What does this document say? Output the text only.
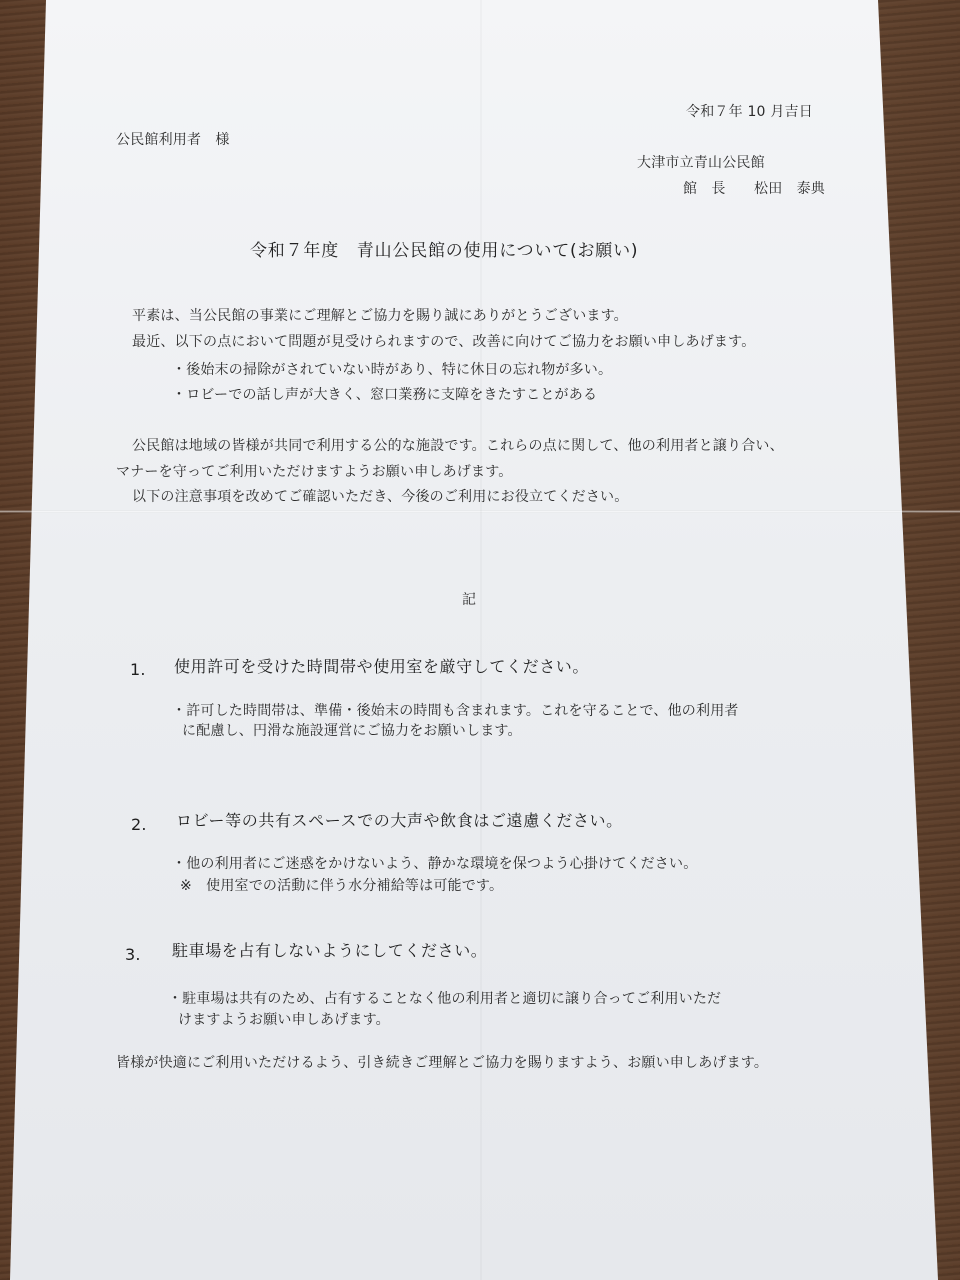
令和７年 10 月吉日
公民館利用者　様
大津市立青山公民館
館　長　　松田　泰典
令和７年度　青山公民館の使用について(お願い)
平素は、当公民館の事業にご理解とご協力を賜り誠にありがとうございます。
最近、以下の点において問題が見受けられますので、改善に向けてご協力をお願い申しあげます。
・後始末の掃除がされていない時があり、特に休日の忘れ物が多い。
・ロビーでの話し声が大きく、窓口業務に支障をきたすことがある
公民館は地域の皆様が共同で利用する公的な施設です。これらの点に関して、他の利用者と譲り合い、
マナーを守ってご利用いただけますようお願い申しあげます。
以下の注意事項を改めてご確認いただき、今後のご利用にお役立てください。
記
1. 使用許可を受けた時間帯や使用室を厳守してください。
・許可した時間帯は、準備・後始末の時間も含まれます。これを守ることで、他の利用者
に配慮し、円滑な施設運営にご協力をお願いします。
2. ロビー等の共有スペースでの大声や飲食はご遠慮ください。
・他の利用者にご迷惑をかけないよう、静かな環境を保つよう心掛けてください。
※　使用室での活動に伴う水分補給等は可能です。
3. 駐車場を占有しないようにしてください。
・駐車場は共有のため、占有することなく他の利用者と適切に譲り合ってご利用いただ
けますようお願い申しあげます。
皆様が快適にご利用いただけるよう、引き続きご理解とご協力を賜りますよう、お願い申しあげます。
